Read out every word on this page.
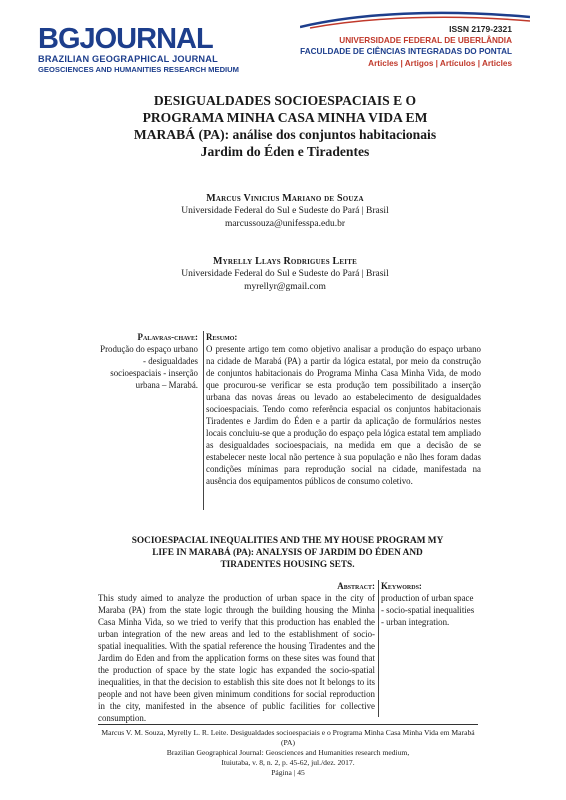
BGJOURNAL
BRAZILIAN GEOGRAPHICAL JOURNAL
GEOSCIENCES AND HUMANITIES RESEARCH MEDIUM
ISSN 2179-2321
UNIVERSIDADE FEDERAL DE UBERLÂNDIA
FACULDADE DE CIÊNCIAS INTEGRADAS DO PONTAL
Articles | Artigos | Artículos | Articles
DESIGUALDADES SOCIOESPACIAIS E O
PROGRAMA MINHA CASA MINHA VIDA EM
MARABÁ (PA): análise dos conjuntos habitacionais
Jardim do Éden e Tiradentes
Marcus Vinicius Mariano de Souza
Universidade Federal do Sul e Sudeste do Pará | Brasil
marcussouza@unifesspa.edu.br
Myrelly Llays Rodrigues Leite
Universidade Federal do Sul e Sudeste do Pará | Brasil
myrellyr@gmail.com
Palavras-chave:
Produção do espaço urbano - desigualdades socioespaciais - inserção urbana – Marabá.
Resumo:
O presente artigo tem como objetivo analisar a produção do espaço urbano na cidade de Marabá (PA) a partir da lógica estatal, por meio da construção de conjuntos habitacionais do Programa Minha Casa Minha Vida, de modo que procurou-se verificar se esta produção tem possibilitado a inserção urbana das novas áreas ou levado ao estabelecimento de desigualdades socioespaciais. Tendo como referência espacial os conjuntos habitacionais Tiradentes e Jardim do Éden e a partir da aplicação de formulários nestes locais concluiu-se que a produção do espaço pela lógica estatal tem ampliado as desigualdades socioespaciais, na medida em que a decisão de se estabelecer neste local não pertence à sua população e não lhes foram dadas condições mínimas para reprodução social na cidade, manifestada na ausência dos equipamentos públicos de consumo coletivo.
SOCIOESPACIAL INEQUALITIES AND THE MY HOUSE PROGRAM MY
LIFE IN MARABÁ (PA): ANALYSIS OF JARDIM DO ÉDEN AND
TIRADENTES HOUSING SETS.
Abstract:
This study aimed to analyze the production of urban space in the city of Maraba (PA) from the state logic through the building housing the Minha Casa Minha Vida, so we tried to verify that this production has enabled the urban integration of the new areas and led to the establishment of socio-spatial inequalities. With the spatial reference the housing Tiradentes and the Jardim do Eden and from the application forms on these sites was found that the production of space by the state logic has expanded the socio-spatial inequalities, in that the decision to establish this site does not It belongs to its people and not have been given minimum conditions for social reproduction in the city, manifested in the absence of public facilities for collective consumption.
Keywords:
production of urban space - socio-spatial inequalities - urban integration.
Marcus V. M. Souza, Myrelly L. R. Leite. Desigualdades socioespaciais e o Programa Minha Casa Minha Vida em Marabá (PA)
Brazilian Geographical Journal: Geosciences and Humanities research medium,
Ituiutaba, v. 8, n. 2, p. 45-62, jul./dez. 2017.
Página | 45
